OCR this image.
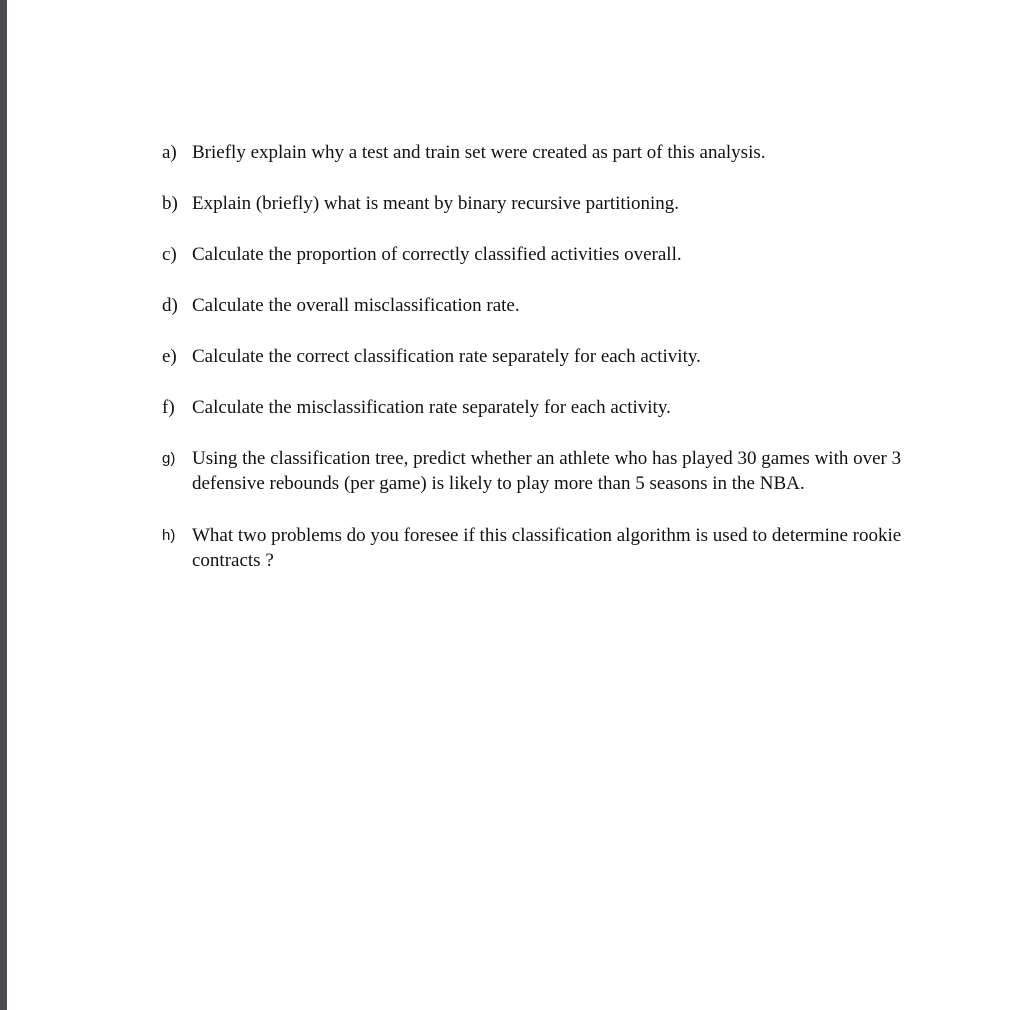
a) Briefly explain why a test and train set were created as part of this analysis.
b) Explain (briefly) what is meant by binary recursive partitioning.
c) Calculate the proportion of correctly classified activities overall.
d) Calculate the overall misclassification rate.
e) Calculate the correct classification rate separately for each activity.
f) Calculate the misclassification rate separately for each activity.
g) Using the classification tree, predict whether an athlete who has played 30 games with over 3 defensive rebounds (per game) is likely to play more than 5 seasons in the NBA.
h) What two problems do you foresee if this classification algorithm is used to determine rookie contracts ?
